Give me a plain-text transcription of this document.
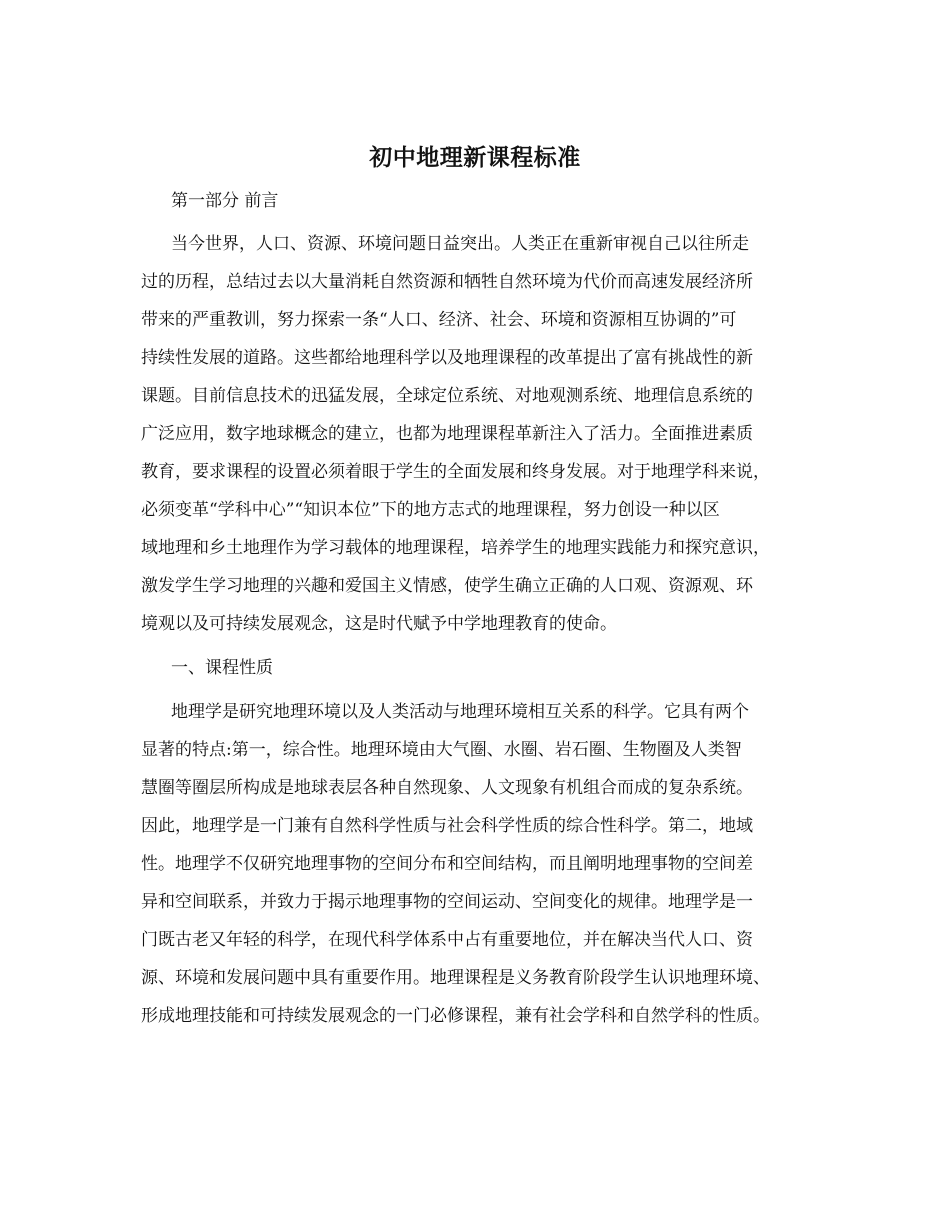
初中地理新课程标准
第一部分 前言
当今世界，人口、资源、环境问题日益突出。人类正在重新审视自己以往所走
过的历程，总结过去以大量消耗自然资源和牺牲自然环境为代价而高速发展经济所
带来的严重教训，努力探索一条“人口、经济、社会、环境和资源相互协调的”可
持续性发展的道路。这些都给地理科学以及地理课程的改革提出了富有挑战性的新
课题。目前信息技术的迅猛发展，全球定位系统、对地观测系统、地理信息系统的
广泛应用，数字地球概念的建立，也都为地理课程革新注入了活力。全面推进素质
教育，要求课程的设置必须着眼于学生的全面发展和终身发展。对于地理学科来说，
必须变革“学科中心”“知识本位”下的地方志式的地理课程，努力创设一种以区
域地理和乡土地理作为学习载体的地理课程，培养学生的地理实践能力和探究意识，
激发学生学习地理的兴趣和爱国主义情感，使学生确立正确的人口观、资源观、环
境观以及可持续发展观念，这是时代赋予中学地理教育的使命。
一、课程性质
地理学是研究地理环境以及人类活动与地理环境相互关系的科学。它具有两个
显著的特点:第一，综合性。地理环境由大气圈、水圈、岩石圈、生物圈及人类智
慧圈等圈层所构成是地球表层各种自然现象、人文现象有机组合而成的复杂系统。
因此，地理学是一门兼有自然科学性质与社会科学性质的综合性科学。第二，地域
性。地理学不仅研究地理事物的空间分布和空间结构，而且阐明地理事物的空间差
异和空间联系，并致力于揭示地理事物的空间运动、空间变化的规律。地理学是一
门既古老又年轻的科学，在现代科学体系中占有重要地位，并在解决当代人口、资
源、环境和发展问题中具有重要作用。地理课程是义务教育阶段学生认识地理环境、
形成地理技能和可持续发展观念的一门必修课程，兼有社会学科和自然学科的性质。
